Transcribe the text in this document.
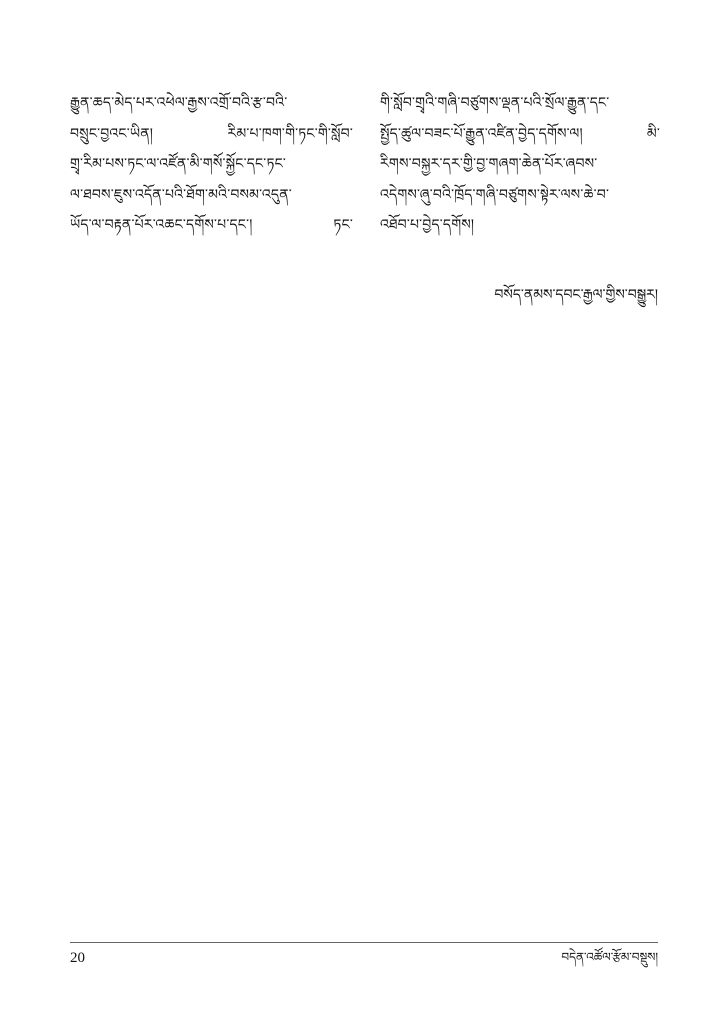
རྒྱུན་ཆད་མེད་པར་འཕེལ་རྒྱས་འགྲོ་བའི་རྩ་བའི་
བསྲུང་བྱའང་ཡིན། རིམ་པ་ཁག་གི་ཏང་གི་སློབ་
གྲྭ་རིམ་པས་ཏང་ལ་འཛོན་མི་གསོ་སྐྱོང་དང་ཏང་
ལ་ཐབས་ཇུས་འདོན་པའི་ཐོག་མའི་བསམ་འདུན་
ཡོད་ལ་བརྟན་པོར་འཆང་དགོས་པ་དང་། ཏང་
གི་སློབ་གྲྭའི་གཞི་བཙུགས་ལྡན་པའི་སྲོལ་རྒྱུན་དང་
སྤྱོད་ཚུལ་བཟང་པོ་རྒྱུན་འཛིན་བྱེད་དགོས་ལ། མི་
རིགས་བསྐྱར་དར་གྱི་བྱ་གཞག་ཆེན་པོར་ཞབས་
འདེགས་ཞུ་བའི་ཁྲོད་གཞི་བཙུགས་སྟེར་ལས་ཆེ་བ་
འཐོབ་པ་བྱེད་དགོས།
བསོད་ནམས་དབང་རྒྱལ་གྱིས་བསྒྱུར།
20	བདེན་འཚོལ་རྩོམ་བསྡུས།
